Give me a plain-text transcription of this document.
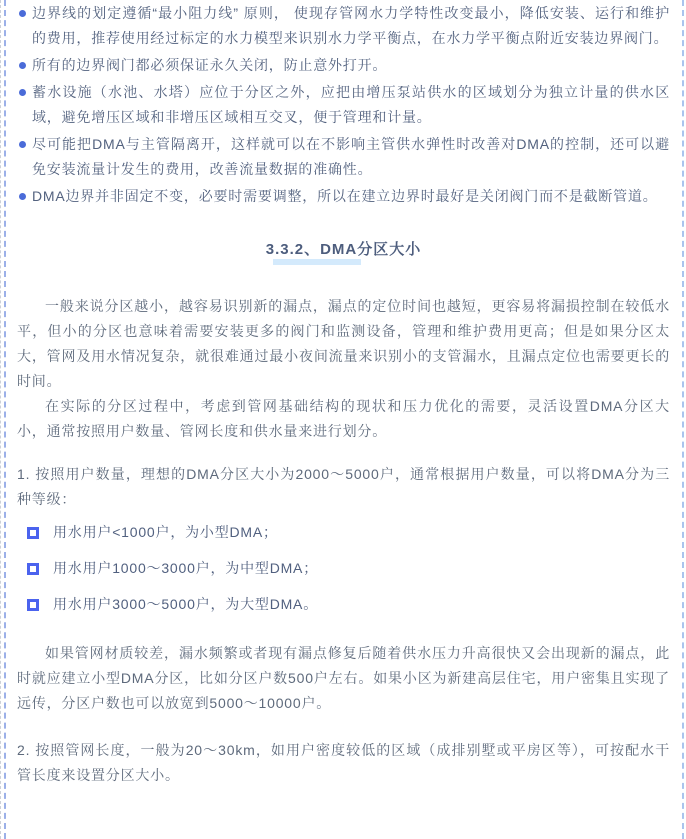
边界线的划定遵循“最小阻力线” 原则， 使现存管网水力学特性改变最小，降低安装、运行和维护的费用，推荐使用经过标定的水力模型来识别水力学平衡点，在水力学平衡点附近安装边界阀门。
所有的边界阀门都必须保证永久关闭，防止意外打开。
蓄水设施（水池、水塔）应位于分区之外，应把由增压泵站供水的区域划分为独立计量的供水区域，避免增压区域和非增压区域相互交叉，便于管理和计量。
尽可能把DMA与主管隔离开，这样就可以在不影响主管供水弹性时改善对DMA的控制，还可以避免安装流量计发生的费用，改善流量数据的准确性。
DMA边界并非固定不变，必要时需要调整，所以在建立边界时最好是关闭阀门而不是截断管道。
3.3.2、DMA分区大小

一般来说分区越小，越容易识别新的漏点，漏点的定位时间也越短，更容易将漏损控制在较低水平，但小的分区也意味着需要安装更多的阀门和监测设备，管理和维护费用更高；但是如果分区太大，管网及用水情况复杂，就很难通过最小夜间流量来识别小的支管漏水，且漏点定位也需要更长的时间。

在实际的分区过程中，考虑到管网基础结构的现状和压力优化的需要，灵活设置DMA分区大小，通常按照用户数量、管网长度和供水量来进行划分。

1. 按照用户数量，理想的DMA分区大小为2000～5000户，通常根据用户数量，可以将DMA分为三种等级：

用水用户<1000户，为小型DMA；
用水用户1000～3000户，为中型DMA；
用水用户3000～5000户，为大型DMA。

如果管网材质较差，漏水频繁或者现有漏点修复后随着供水压力升高很快又会出现新的漏点，此时就应建立小型DMA分区，比如分区户数500户左右。如果小区为新建高层住宅，用户密集且实现了远传，分区户数也可以放宽到5000～10000户。

2. 按照管网长度，一般为20～30km，如用户密度较低的区域（成排别墅或平房区等），可按配水干管长度来设置分区大小。
